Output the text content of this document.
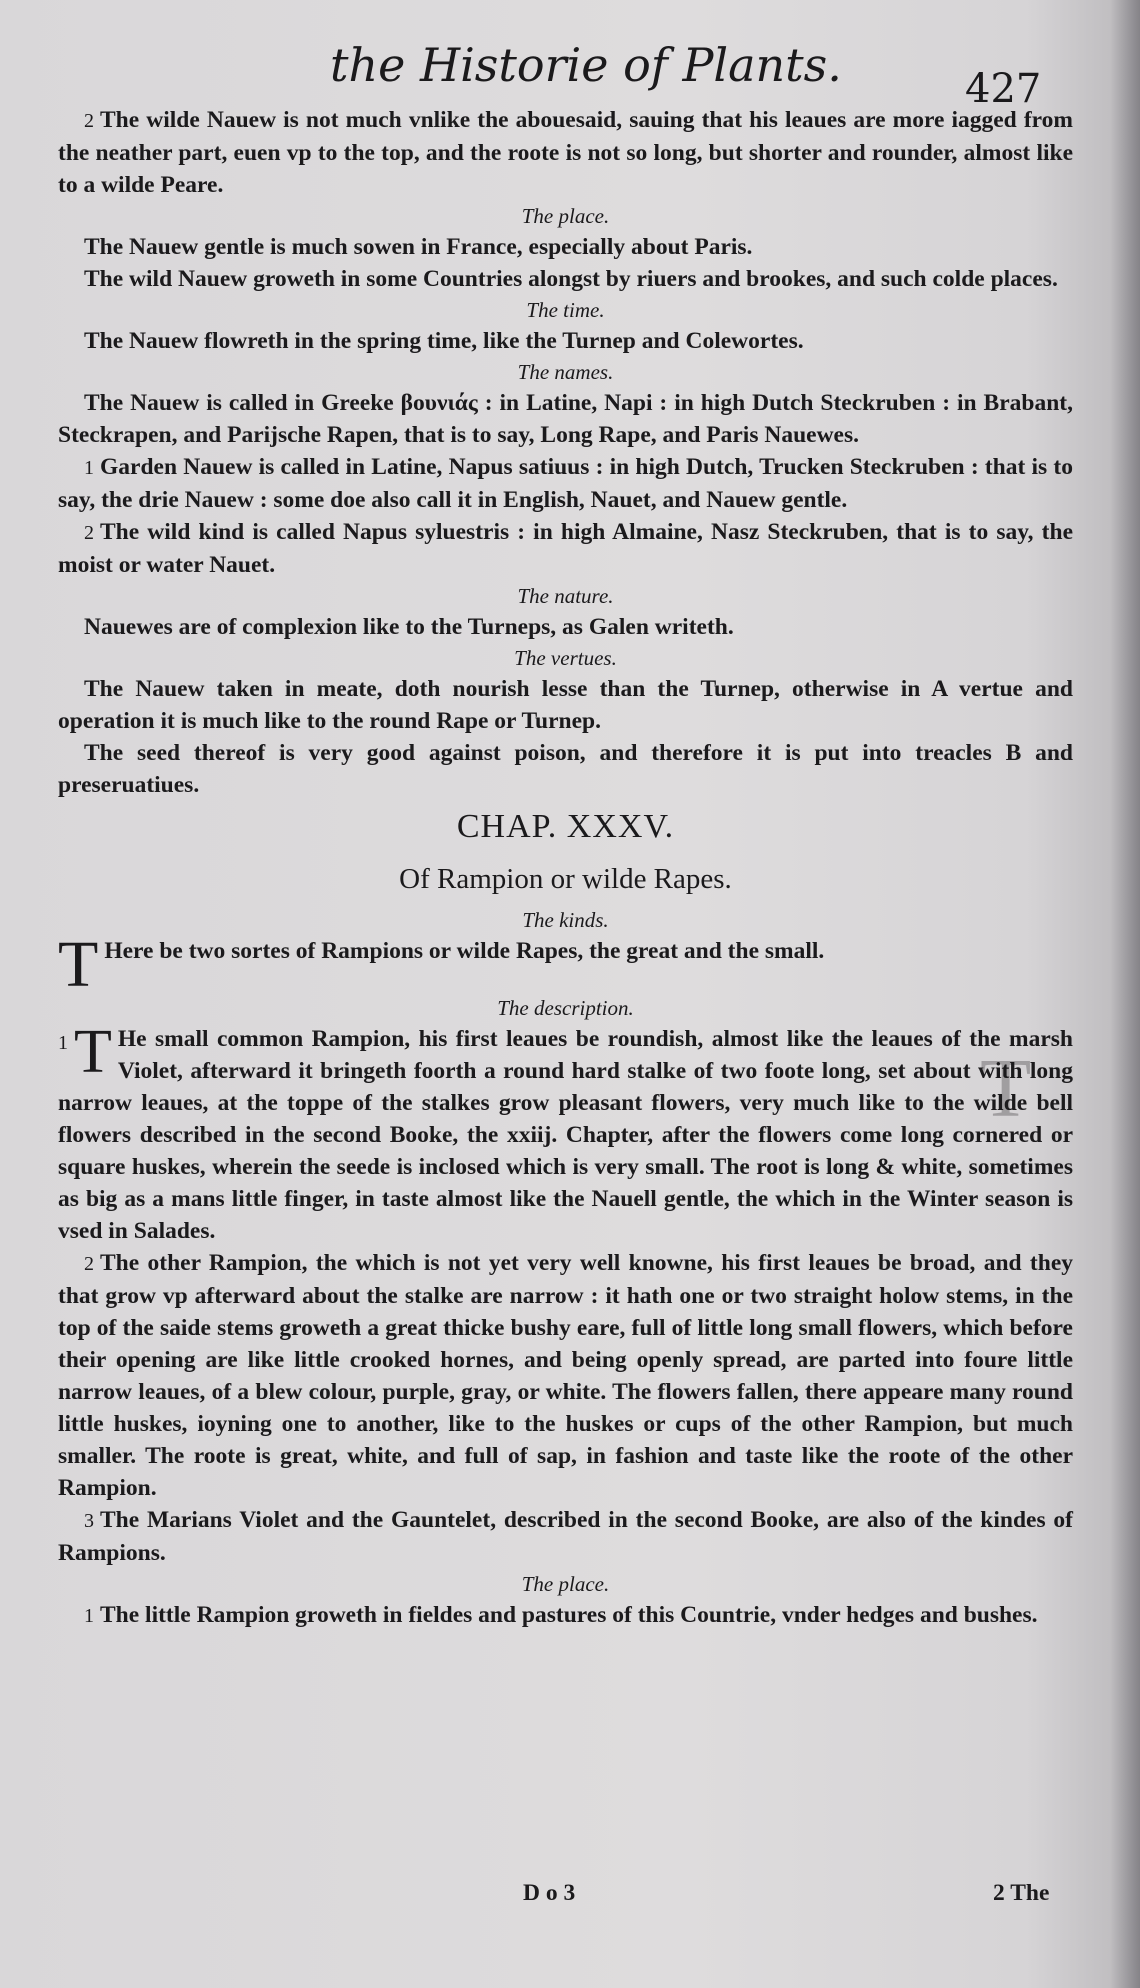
the Historie of Plants.	427
T

2 The wilde Nauew is not much vnlike the abouesaid, sauing that his leaues are more iagged from the neather part, euen vp to the top, and the roote is not so long, but shorter and rounder, almost like to a wilde Peare.

The place.

The Nauew gentle is much sowen in France, especially about Paris.

The wild Nauew groweth in some Countries alongst by riuers and brookes, and such colde places.

The time.

The Nauew flowreth in the spring time, like the Turnep and Colewortes.

The names.

The Nauew is called in Greeke βουνιάς : in Latine, Napi : in high Dutch Steckruben : in Brabant, Steckrapen, and Parijsche Rapen, that is to say, Long Rape, and Paris Nauewes.

1 Garden Nauew is called in Latine, Napus satiuus : in high Dutch, Trucken Steckruben : that is to say, the drie Nauew : some doe also call it in English, Nauet, and Nauew gentle.

2 The wild kind is called Napus syluestris : in high Almaine, Nasz Steckruben, that is to say, the moist or water Nauet.

The nature.

Nauewes are of complexion like to the Turneps, as Galen writeth.

The vertues.

The Nauew taken in meate, doth nourish lesse than the Turnep, otherwise in A vertue and operation it is much like to the round Rape or Turnep.

The seed thereof is very good against poison, and therefore it is put into treacles B and preseruatiues.

CHAP. XXXV.

Of Rampion or wilde Rapes.

The kinds.

T Here be two sortes of Rampions or wilde Rapes, the great and the small.

The description.

1 T He small common Rampion, his first leaues be roundish, almost like the leaues of the marsh Violet, afterward it bringeth foorth a round hard stalke of two foote long, set about with long narrow leaues, at the toppe of the stalkes grow pleasant flowers, very much like to the wilde bell flowers described in the second Booke, the xxiij. Chapter, after the flowers come long cornered or square huskes, wherein the seede is inclosed which is very small. The root is long & white, sometimes as big as a mans little finger, in taste almost like the Nauell gentle, the which in the Winter season is vsed in Salades.

2 The other Rampion, the which is not yet very well knowne, his first leaues be broad, and they that grow vp afterward about the stalke are narrow : it hath one or two straight holow stems, in the top of the saide stems groweth a great thicke bushy eare, full of little long small flowers, which before their opening are like little crooked hornes, and being openly spread, are parted into foure little narrow leaues, of a blew colour, purple, gray, or white. The flowers fallen, there appeare many round little huskes, ioyning one to another, like to the huskes or cups of the other Rampion, but much smaller. The roote is great, white, and full of sap, in fashion and taste like the roote of the other Rampion.

3 The Marians Violet and the Gauntelet, described in the second Booke, are also of the kindes of Rampions.

The place.

1 The little Rampion groweth in fieldes and pastures of this Countrie, vnder hedges and bushes.

D o 3	2 The
